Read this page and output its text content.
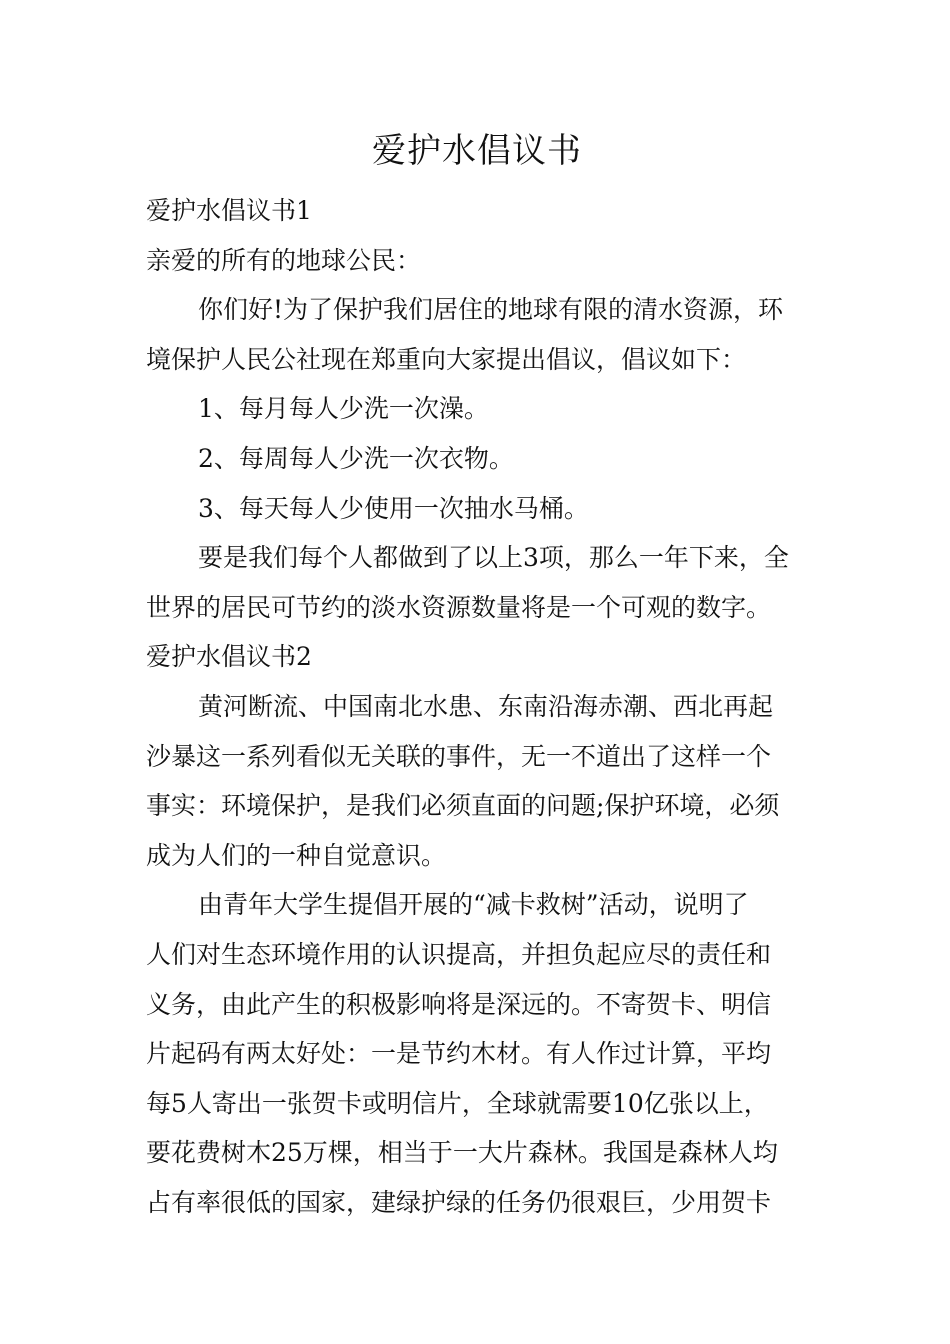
爱护水倡议书

爱护水倡议书1

亲爱的所有的地球公民：

你们好!为了保护我们居住的地球有限的清水资源，环

境保护人民公社现在郑重向大家提出倡议，倡议如下：

1、每月每人少洗一次澡。

2、每周每人少洗一次衣物。

3、每天每人少使用一次抽水马桶。

要是我们每个人都做到了以上3项，那么一年下来，全

世界的居民可节约的淡水资源数量将是一个可观的数字。

爱护水倡议书2

黄河断流、中国南北水患、东南沿海赤潮、西北再起

沙暴这一系列看似无关联的事件，无一不道出了这样一个

事实：环境保护，是我们必须直面的问题;保护环境，必须

成为人们的一种自觉意识。

由青年大学生提倡开展的“减卡救树”活动，说明了

人们对生态环境作用的认识提高，并担负起应尽的责任和

义务，由此产生的积极影响将是深远的。不寄贺卡、明信

片起码有两太好处：一是节约木材。有人作过计算，平均

每5人寄出一张贺卡或明信片，全球就需要10亿张以上，

要花费树木25万棵，相当于一大片森林。我国是森林人均

占有率很低的国家，建绿护绿的任务仍很艰巨，少用贺卡
